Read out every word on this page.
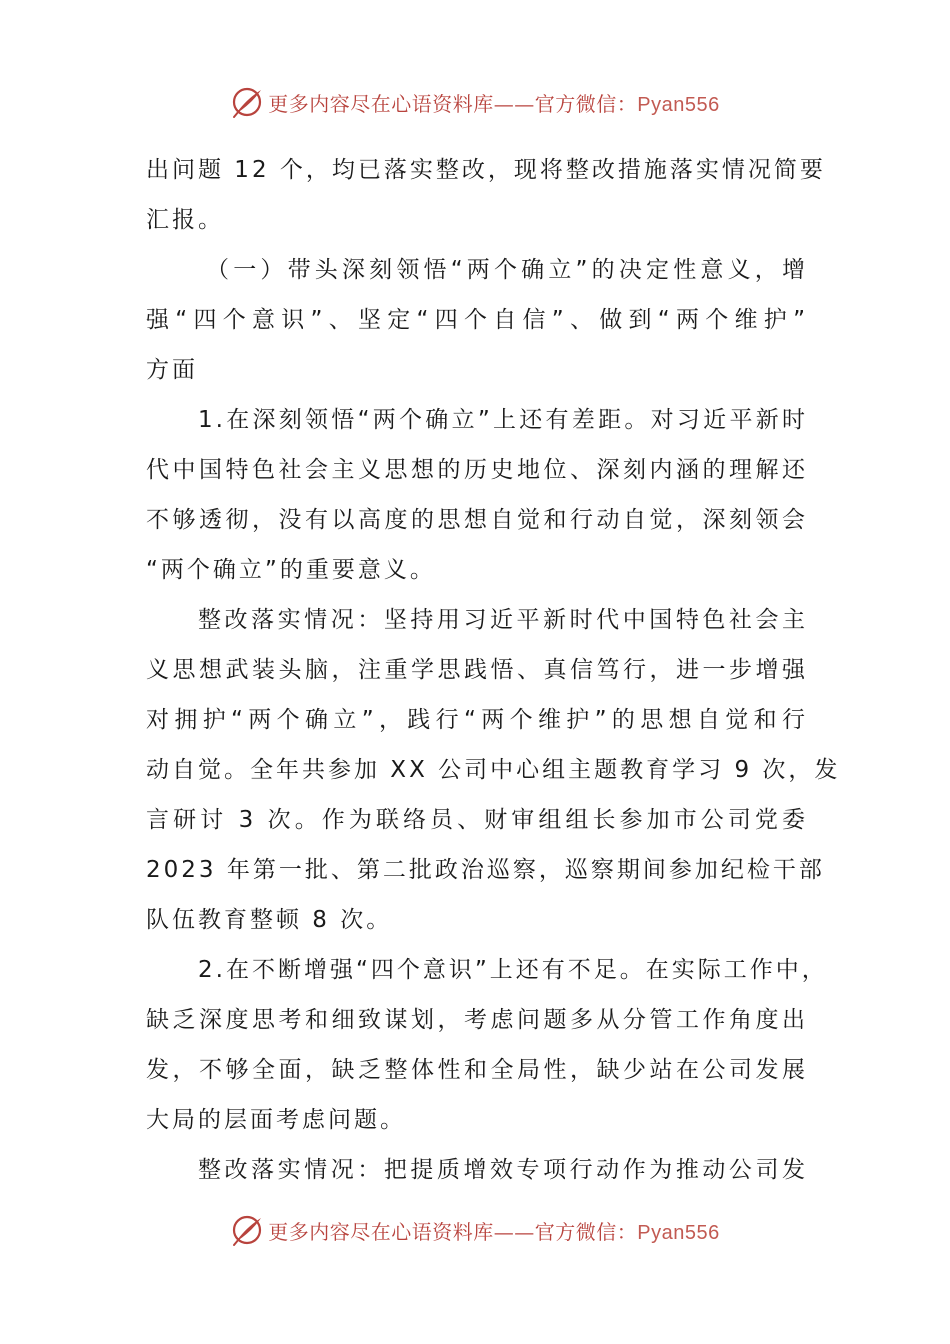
更多内容尽在心语资料库——官方微信：Pyan556
出问题 12 个，均已落实整改，现将整改措施落实情况简要
汇报。
（一）带头深刻领悟“两个确立”的决定性意义，增
强“四个意识”、坚定“四个自信”、做到“两个维护”
方面
1.在深刻领悟“两个确立”上还有差距。对习近平新时
代中国特色社会主义思想的历史地位、深刻内涵的理解还
不够透彻，没有以高度的思想自觉和行动自觉，深刻领会
“两个确立”的重要意义。
整改落实情况：坚持用习近平新时代中国特色社会主
义思想武装头脑，注重学思践悟、真信笃行，进一步增强
对拥护“两个确立”，践行“两个维护”的思想自觉和行
动自觉。全年共参加 XX 公司中心组主题教育学习 9 次，发
言研讨 3 次。作为联络员、财审组组长参加市公司党委
2023 年第一批、第二批政治巡察，巡察期间参加纪检干部
队伍教育整顿 8 次。
2.在不断增强“四个意识”上还有不足。在实际工作中，
缺乏深度思考和细致谋划，考虑问题多从分管工作角度出
发，不够全面，缺乏整体性和全局性，缺少站在公司发展
大局的层面考虑问题。
整改落实情况：把提质增效专项行动作为推动公司发
更多内容尽在心语资料库——官方微信：Pyan556
